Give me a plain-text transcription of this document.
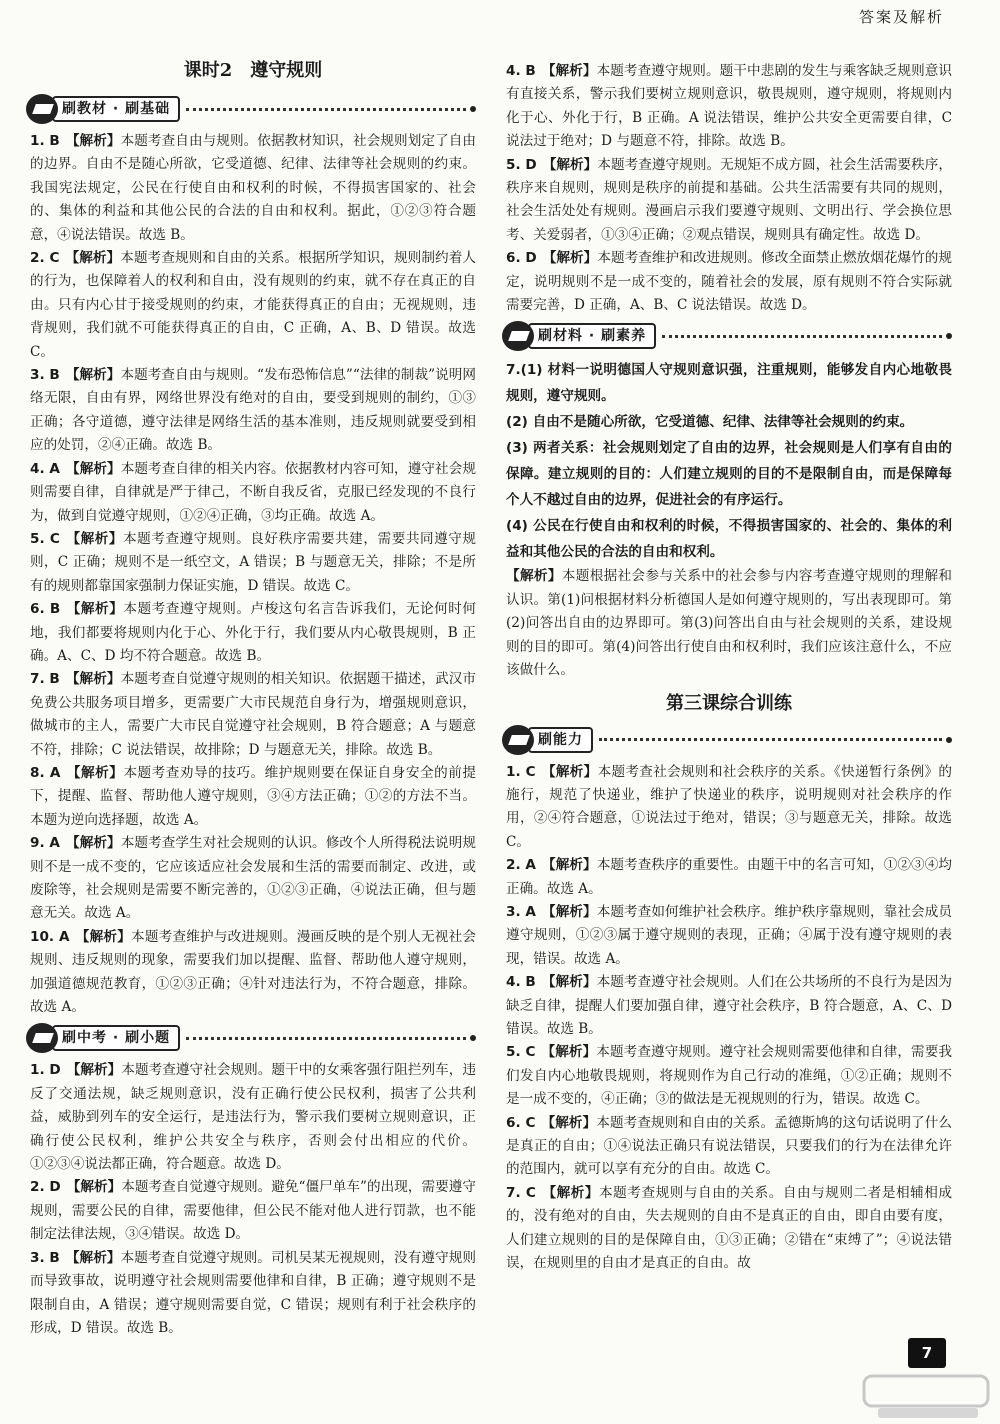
答案及解析
课时2 遵守规则
刷教材 · 刷基础

1. B 【解析】本题考查自由与规则。依据教材知识，社会规则划定了自由的边界。自由不是随心所欲，它受道德、纪律、法律等社会规则的约束。我国宪法规定，公民在行使自由和权利的时候，不得损害国家的、社会的、集体的利益和其他公民的合法的自由和权利。据此，①②③符合题意，④说法错误。故选 B。

2. C 【解析】本题考查规则和自由的关系。根据所学知识，规则制约着人的行为，也保障着人的权利和自由，没有规则的约束，就不存在真正的自由。只有内心甘于接受规则的约束，才能获得真正的自由；无视规则，违背规则，我们就不可能获得真正的自由，C 正确，A、B、D 错误。故选 C。

3. B 【解析】本题考查自由与规则。“发布恐怖信息”“法律的制裁”说明网络无限，自由有界，网络世界没有绝对的自由，要受到规则的制约，①③正确；各守道德，遵守法律是网络生活的基本准则，违反规则就要受到相应的处罚，②④正确。故选 B。

4. A 【解析】本题考查自律的相关内容。依据教材内容可知，遵守社会规则需要自律，自律就是严于律己，不断自我反省，克服已经发现的不良行为，做到自觉遵守规则，①②④正确，③均正确。故选 A。

5. C 【解析】本题考查遵守规则。良好秩序需要共建，需要共同遵守规则，C 正确；规则不是一纸空文，A 错误；B 与题意无关，排除；不是所有的规则都靠国家强制力保证实施，D 错误。故选 C。

6. B 【解析】本题考查遵守规则。卢梭这句名言告诉我们，无论何时何地，我们都要将规则内化于心、外化于行，我们要从内心敬畏规则，B 正确。A、C、D 均不符合题意。故选 B。

7. B 【解析】本题考查自觉遵守规则的相关知识。依据题干描述，武汉市免费公共服务项目增多，更需要广大市民规范自身行为，增强规则意识，做城市的主人，需要广大市民自觉遵守社会规则，B 符合题意；A 与题意不符，排除；C 说法错误，故排除；D 与题意无关，排除。故选 B。

8. A 【解析】本题考查劝导的技巧。维护规则要在保证自身安全的前提下，提醒、监督、帮助他人遵守规则，③④方法正确；①②的方法不当。本题为逆向选择题，故选 A。

9. A 【解析】本题考查学生对社会规则的认识。修改个人所得税法说明规则不是一成不变的，它应该适应社会发展和生活的需要而制定、改进，或废除等，社会规则是需要不断完善的，①②③正确，④说法正确，但与题意无关。故选 A。

10. A 【解析】本题考查维护与改进规则。漫画反映的是个别人无视社会规则、违反规则的现象，需要我们加以提醒、监督、帮助他人遵守规则，加强道德规范教育，①②③正确；④针对违法行为，不符合题意，排除。故选 A。

刷中考 · 刷小题

1. D 【解析】本题考查遵守社会规则。题干中的女乘客强行阻拦列车，违反了交通法规，缺乏规则意识，没有正确行使公民权利，损害了公共利益，威胁到列车的安全运行，是违法行为，警示我们要树立规则意识，正确行使公民权利，维护公共安全与秩序，否则会付出相应的代价。①②③④说法都正确，符合题意。故选 D。

2. D 【解析】本题考查自觉遵守规则。避免“僵尸单车”的出现，需要遵守规则，需要公民的自律，需要他律，但公民不能对他人进行罚款，也不能制定法律法规，③④错误。故选 D。

3. B 【解析】本题考查自觉遵守规则。司机吴某无视规则，没有遵守规则而导致事故，说明遵守社会规则需要他律和自律，B 正确；遵守规则不是限制自由，A 错误；遵守规则需要自觉，C 错误；规则有利于社会秩序的形成，D 错误。故选 B。

4. B 【解析】本题考查遵守规则。题干中悲剧的发生与乘客缺乏规则意识有直接关系，警示我们要树立规则意识，敬畏规则，遵守规则，将规则内化于心、外化于行，B 正确。A 说法错误，维护公共安全更需要自律，C 说法过于绝对；D 与题意不符，排除。故选 B。

5. D 【解析】本题考查遵守规则。无规矩不成方圆，社会生活需要秩序，秩序来自规则，规则是秩序的前提和基础。公共生活需要有共同的规则，社会生活处处有规则。漫画启示我们要遵守规则、文明出行、学会换位思考、关爱弱者，①③④正确；②观点错误，规则具有确定性。故选 D。

6. D 【解析】本题考查维护和改进规则。修改全面禁止燃放烟花爆竹的规定，说明规则不是一成不变的，随着社会的发展，原有规则不符合实际就需要完善，D 正确，A、B、C 说法错误。故选 D。

刷材料 · 刷素养

7.(1) 材料一说明德国人守规则意识强，注重规则，能够发自内心地敬畏规则，遵守规则。

(2) 自由不是随心所欲，它受道德、纪律、法律等社会规则的约束。

(3) 两者关系：社会规则划定了自由的边界，社会规则是人们享有自由的保障。建立规则的目的：人们建立规则的目的不是限制自由，而是保障每个人不越过自由的边界，促进社会的有序运行。

(4) 公民在行使自由和权利的时候，不得损害国家的、社会的、集体的利益和其他公民的合法的自由和权利。

【解析】本题根据社会参与关系中的社会参与内容考查遵守规则的理解和认识。第(1)问根据材料分析德国人是如何遵守规则的，写出表现即可。第(2)问答出自由的边界即可。第(3)问答出自由与社会规则的关系，建设规则的目的即可。第(4)问答出行使自由和权利时，我们应该注意什么，不应该做什么。

第三课综合训练
刷能力

1. C 【解析】本题考查社会规则和社会秩序的关系。《快递暂行条例》的施行，规范了快递业，维护了快递业的秩序，说明规则对社会秩序的作用，②④符合题意，①说法过于绝对，错误；③与题意无关，排除。故选 C。

2. A 【解析】本题考查秩序的重要性。由题干中的名言可知，①②③④均正确。故选 A。

3. A 【解析】本题考查如何维护社会秩序。维护秩序靠规则，靠社会成员遵守规则，①②③属于遵守规则的表现，正确；④属于没有遵守规则的表现，错误。故选 A。

4. B 【解析】本题考查遵守社会规则。人们在公共场所的不良行为是因为缺乏自律，提醒人们要加强自律，遵守社会秩序，B 符合题意，A、C、D 错误。故选 B。

5. C 【解析】本题考查遵守规则。遵守社会规则需要他律和自律，需要我们发自内心地敬畏规则，将规则作为自己行动的准绳，①②正确；规则不是一成不变的，④正确；③的做法是无视规则的行为，错误。故选 C。

6. C 【解析】本题考查规则和自由的关系。孟德斯鸠的这句话说明了什么是真正的自由；①④说法正确只有说法错误，只要我们的行为在法律允许的范围内，就可以享有充分的自由。故选 C。

7. C 【解析】本题考查规则与自由的关系。自由与规则二者是相辅相成的，没有绝对的自由，失去规则的自由不是真正的自由，即自由要有度，人们建立规则的目的是保障自由，①③正确；②错在“束缚了”；④说法错误，在规则里的自由才是真正的自由。故

7
